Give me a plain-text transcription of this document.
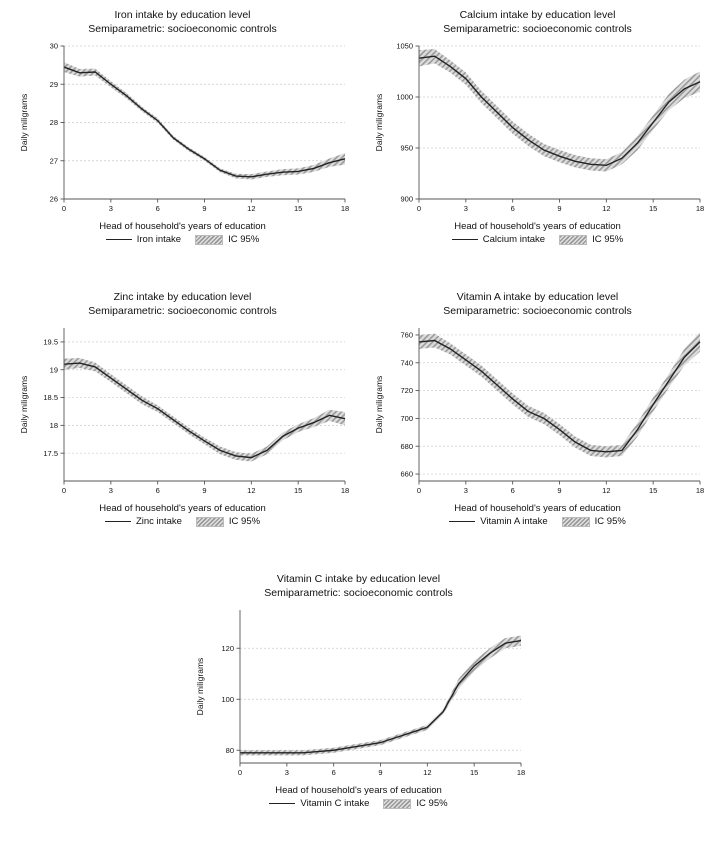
Iron intake by education level
Semiparametric: socioeconomic controls
26
27
28
29
30
0	3	6	9	12	15	18
Daily miligrams
Head of household's years of education
Iron intake	IC 95%
Calcium intake by education level
Semiparametric: socioeconomic controls
900
950
1000
1050
0	3	6	9	12	15	18
Daily miligrams
Head of household's years of education
Calcium intake	IC 95%
Zinc intake by education level
Semiparametric: socioeconomic controls
17.5
18
18.5
19
19.5
0	3	6	9	12	15	18
Daily miligrams
Head of household's years of education
Zinc intake	IC 95%
Vitamin A intake by education level
Semiparametric: socioeconomic controls
660
680
700
720
740
760
0	3	6	9	12	15	18
Daily miligrams
Head of household's years of education
Vitamin A intake	IC 95%
Vitamin C intake by education level
Semiparametric: socioeconomic controls
80
100
120
0	3	6	9	12	15	18
Daily miligrams
Head of household's years of education
Vitamin C intake	IC 95%
